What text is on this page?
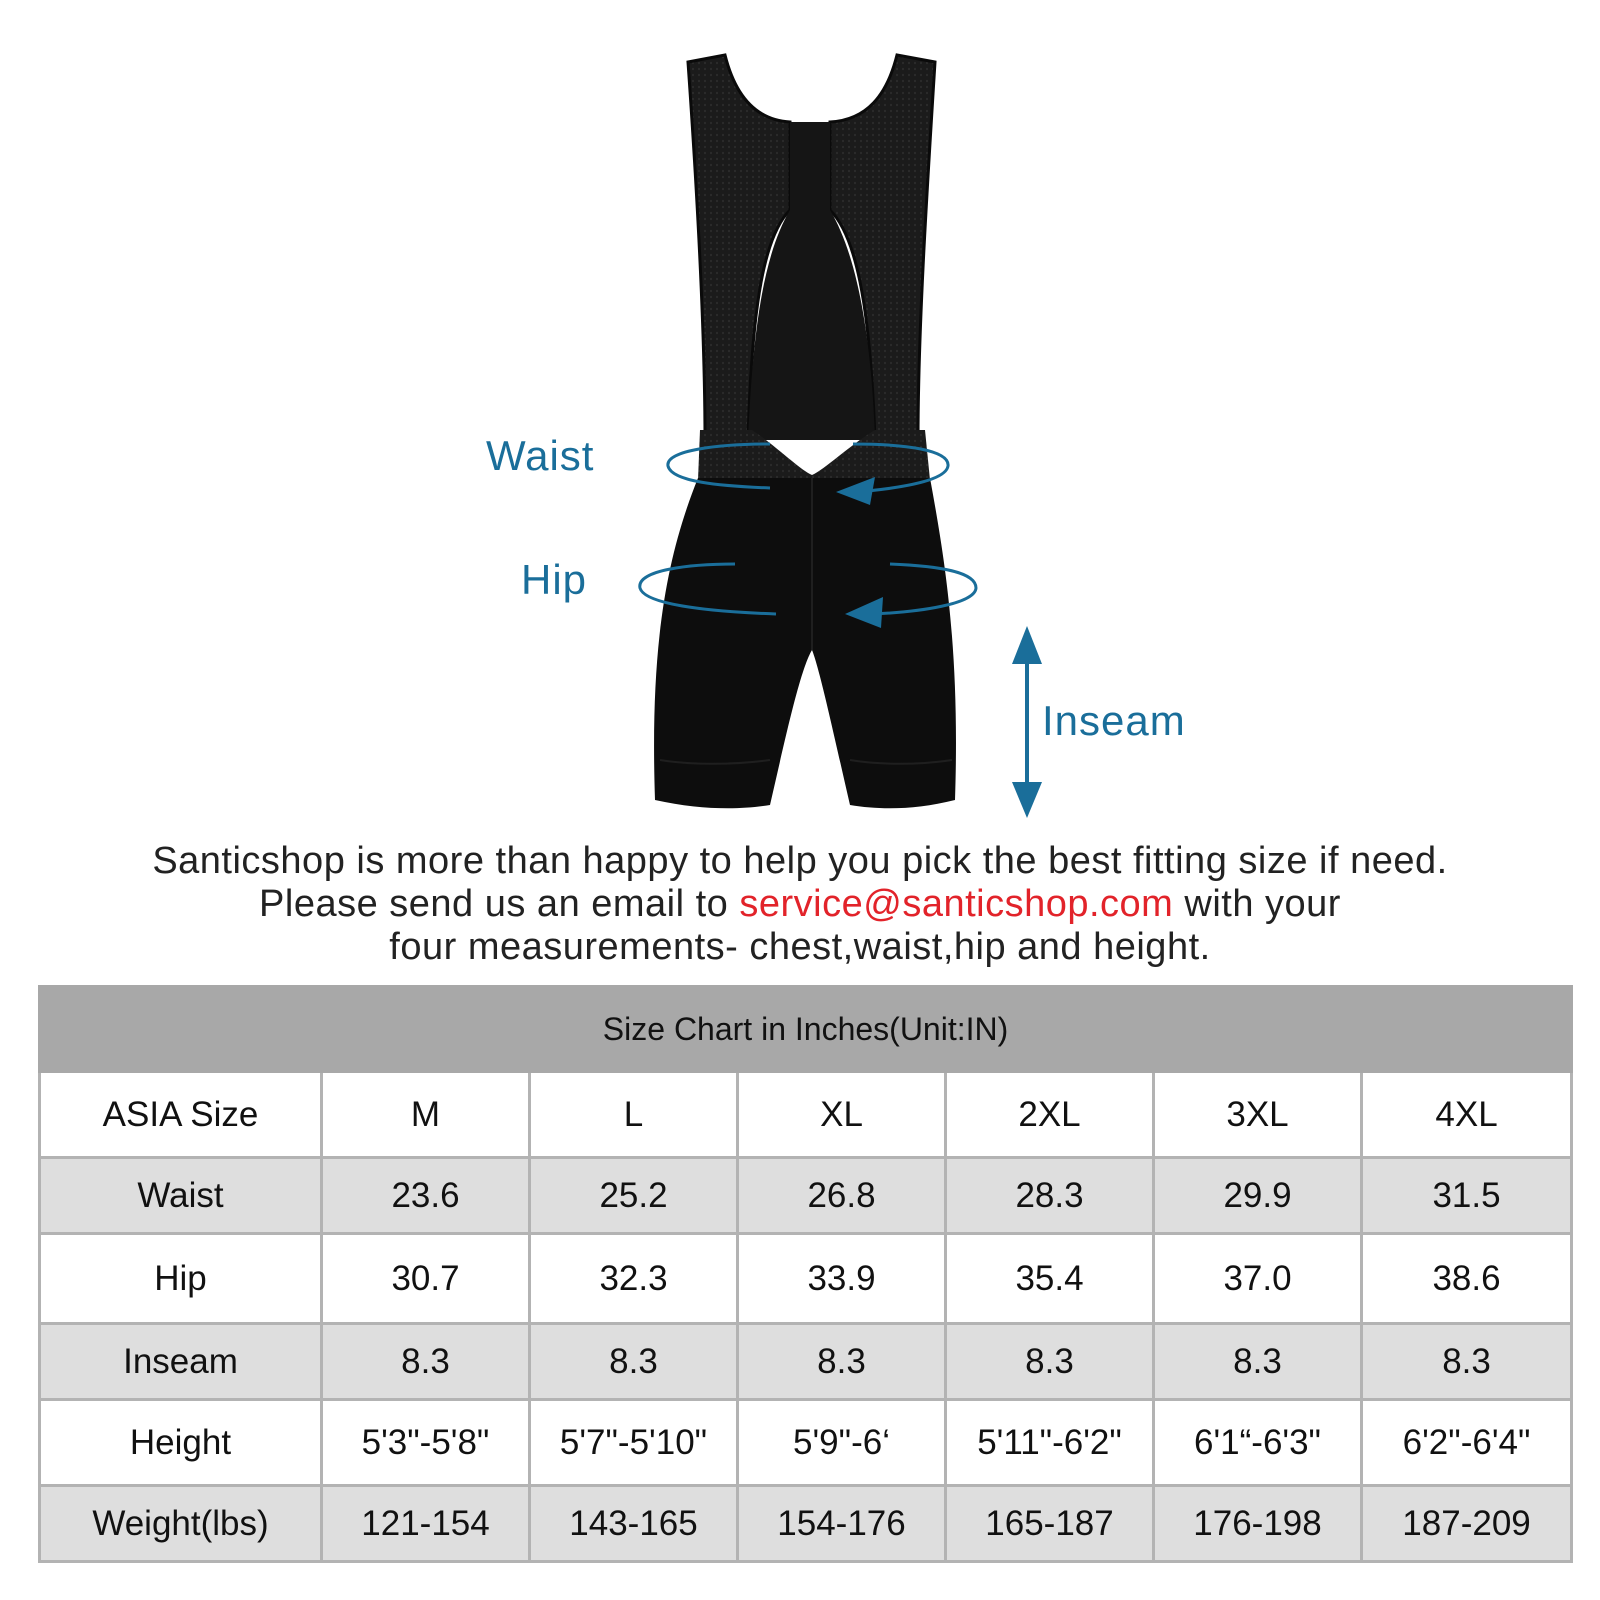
Waist
Hip
Inseam
Santicshop is more than happy to help you pick the best fitting size if need.
Please send us an email to service@santicshop.com with your
four measurements- chest,waist,hip and height.
Size Chart in Inches(Unit:IN)						
ASIA Size	M	L	XL	2XL	3XL	4XL
Waist	23.6	25.2	26.8	28.3	29.9	31.5
Hip	30.7	32.3	33.9	35.4	37.0	38.6
Inseam	8.3	8.3	8.3	8.3	8.3	8.3
Height	5'3"-5'8"	5'7"-5'10"	5'9"-6‘	5'11"-6'2"	6'1“-6'3"	6'2"-6'4"
Weight(lbs)	121-154	143-165	154-176	165-187	176-198	187-209
